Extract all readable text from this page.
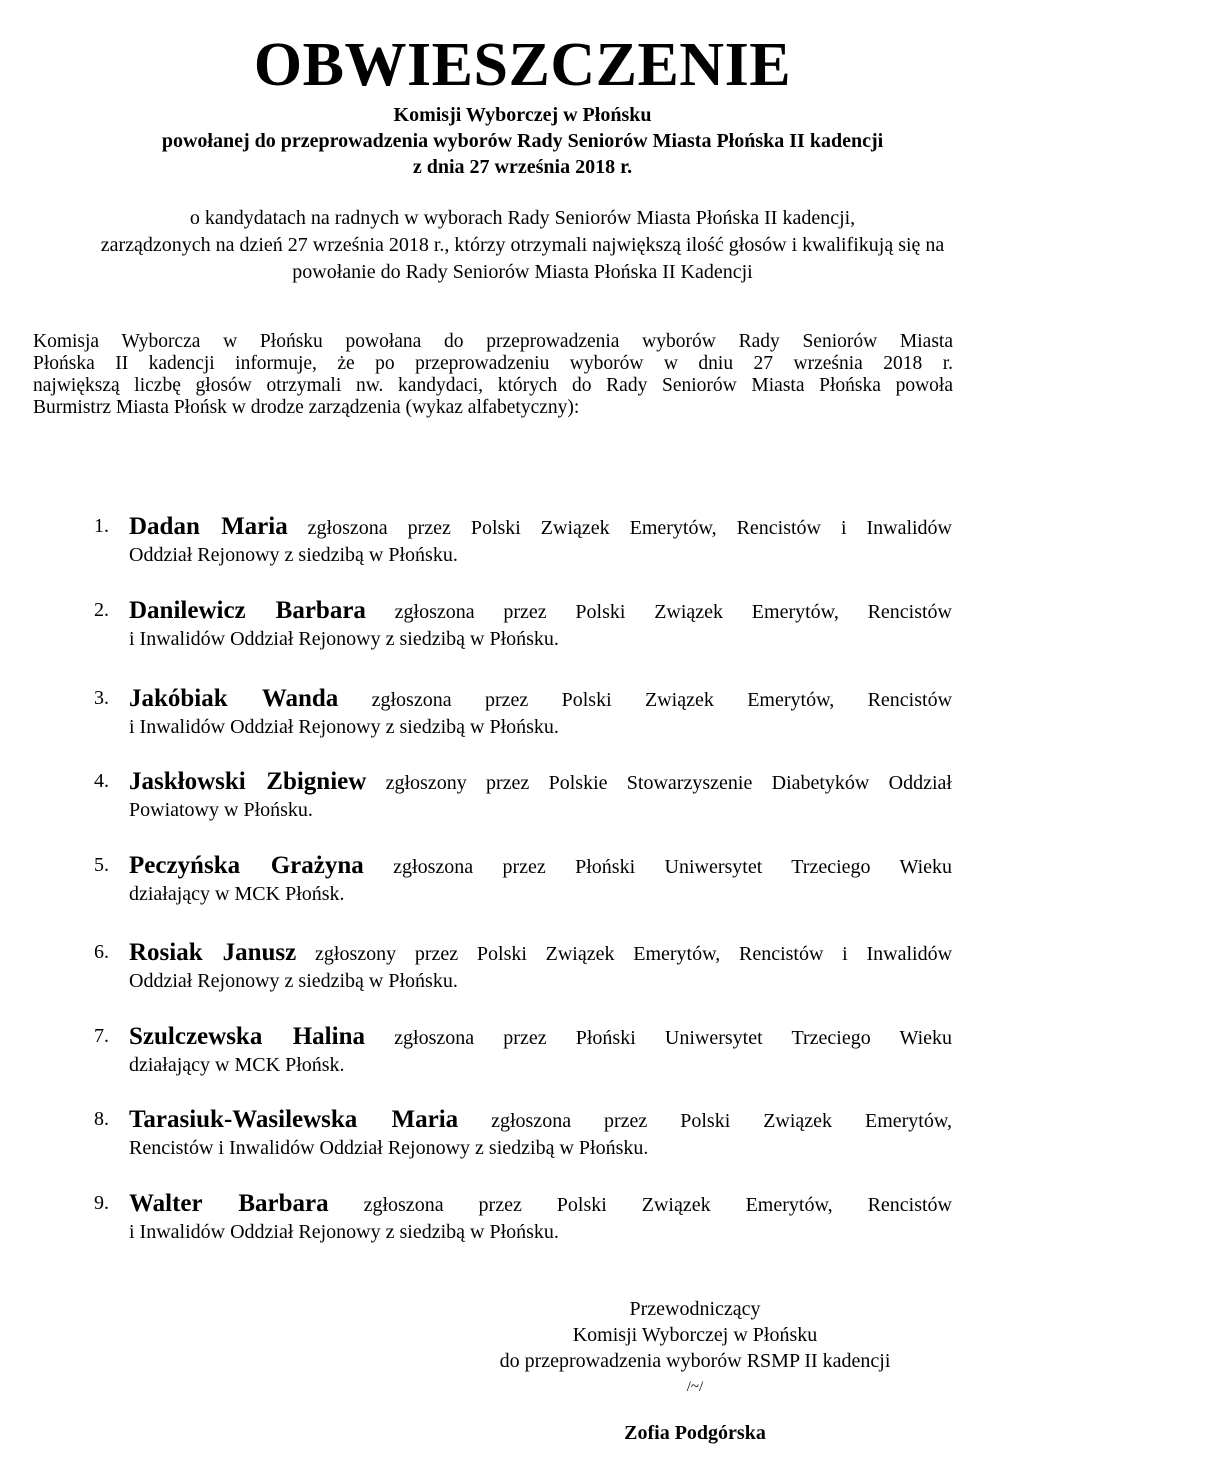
OBWIESZCZENIE
Komisji Wyborczej w Płońsku
powołanej do przeprowadzenia wyborów Rady Seniorów Miasta Płońska II kadencji
z dnia 27 września 2018 r.
o kandydatach na radnych w wyborach Rady Seniorów Miasta Płońska II kadencji,
zarządzonych na dzień 27 września 2018 r., którzy otrzymali największą ilość głosów i kwalifikują się na
powołanie do Rady Seniorów Miasta Płońska II Kadencji
Komisja Wyborcza w Płońsku powołana do przeprowadzenia wyborów Rady Seniorów Miasta
Płońska II kadencji informuje, że po przeprowadzeniu wyborów w dniu 27 września 2018 r.
największą liczbę głosów otrzymali nw. kandydaci, których do Rady Seniorów Miasta Płońska powoła
Burmistrz Miasta Płońsk w drodze zarządzenia (wykaz alfabetyczny):
1. Dadan Maria zgłoszona przez Polski Związek Emerytów, Rencistów i Inwalidów
Oddział Rejonowy z siedzibą w Płońsku.
2. Danilewicz Barbara zgłoszona przez Polski Związek Emerytów, Rencistów
i Inwalidów Oddział Rejonowy z siedzibą w Płońsku.
3. Jakóbiak Wanda zgłoszona przez Polski Związek Emerytów, Rencistów
i Inwalidów Oddział Rejonowy z siedzibą w Płońsku.
4. Jaskłowski Zbigniew zgłoszony przez Polskie Stowarzyszenie Diabetyków Oddział
Powiatowy w Płońsku.
5. Peczyńska Grażyna zgłoszona przez Płoński Uniwersytet Trzeciego Wieku
działający w MCK Płońsk.
6. Rosiak Janusz zgłoszony przez Polski Związek Emerytów, Rencistów i Inwalidów
Oddział Rejonowy z siedzibą w Płońsku.
7. Szulczewska Halina zgłoszona przez Płoński Uniwersytet Trzeciego Wieku
działający w MCK Płońsk.
8. Tarasiuk-Wasilewska Maria zgłoszona przez Polski Związek Emerytów,
Rencistów i Inwalidów Oddział Rejonowy z siedzibą w Płońsku.
9. Walter Barbara zgłoszona przez Polski Związek Emerytów, Rencistów
i Inwalidów Oddział Rejonowy z siedzibą w Płońsku.
Przewodniczący
Komisji Wyborczej w Płońsku
do przeprowadzenia wyborów RSMP II kadencji
/~/
Zofia Podgórska
